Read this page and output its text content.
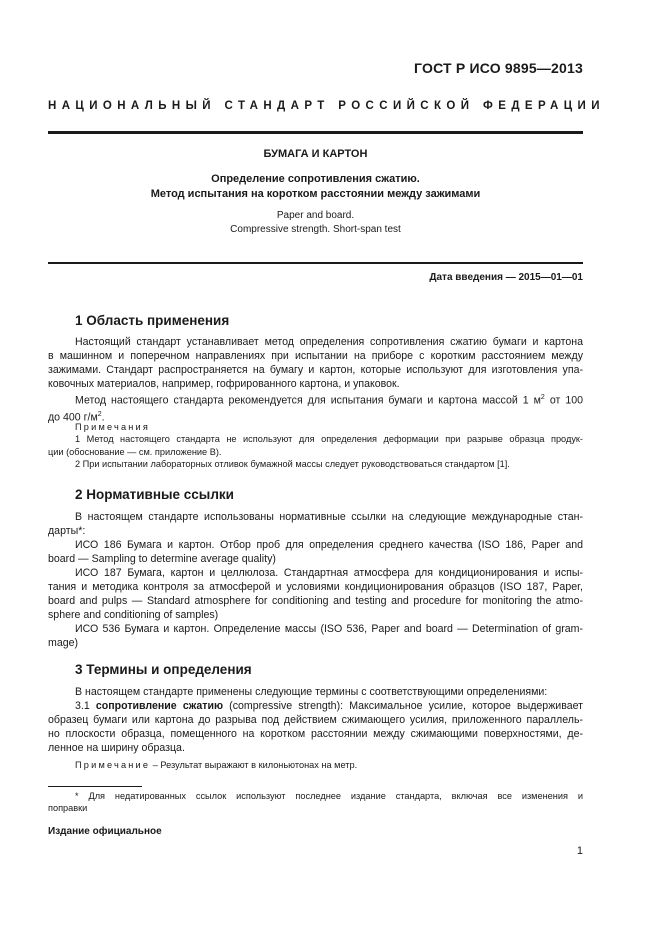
ГОСТ Р ИСО 9895—2013
НАЦИОНАЛЬНЫЙ СТАНДАРТ РОССИЙСКОЙ ФЕДЕРАЦИИ
БУМАГА И КАРТОН
Определение сопротивления сжатию.
Метод испытания на коротком расстоянии между зажимами
Paper and board.
Compressive strength. Short-span test
Дата введения — 2015—01—01
1 Область применения
Настоящий стандарт устанавливает метод определения сопротивления сжатию бумаги и картона
в машинном и поперечном направлениях при испытании на приборе с коротким расстоянием между
зажимами. Стандарт распространяется на бумагу и картон, которые используют для изготовления упа-
ковочных материалов, например, гофрированного картона, и упаковок.
Метод настоящего стандарта рекомендуется для испытания бумаги и картона массой 1 $м^2$ от 100
до 400 $г/м^2$.
Примечания
1 Метод настоящего стандарта не используют для определения деформации при разрыве образца продук-
ции (обоснование — см. приложение В).
2 При испытании лабораторных отливок бумажной массы следует руководствоваться стандартом [1].
2 Нормативные ссылки
В настоящем стандарте использованы нормативные ссылки на следующие международные стан-
дарты*:
ИСО 186 Бумага и картон. Отбор проб для определения среднего качества (ISO 186, Paper and
board — Sampling to determine average quality)
ИСО 187 Бумага, картон и целлюлоза. Стандартная атмосфера для кондиционирования и испы-
тания и методика контроля за атмосферой и условиями кондиционирования образцов (ISO 187, Paper,
board and pulps — Standard atmosphere for conditioning and testing and procedure for monitoring the atmo-
sphere and conditioning of samples)
ИСО 536 Бумага и картон. Определение массы (ISO 536, Paper and board — Determination of gram-
mage)
3 Термины и определения
В настоящем стандарте применены следующие термины с соответствующими определениями:
3.1 сопротивление сжатию (compressive strength): Максимальное усилие, которое выдерживает
образец бумаги или картона до разрыва под действием сжимающего усилия, приложенного параллель-
но плоскости образца, помещенного на коротком расстоянии между сжимающими поверхностями, де-
ленное на ширину образца.
Примечание – Результат выражают в килоньютонах на метр.
* Для недатированных ссылок используют последнее издание стандарта, включая все изменения и
поправки
Издание официальное
1
